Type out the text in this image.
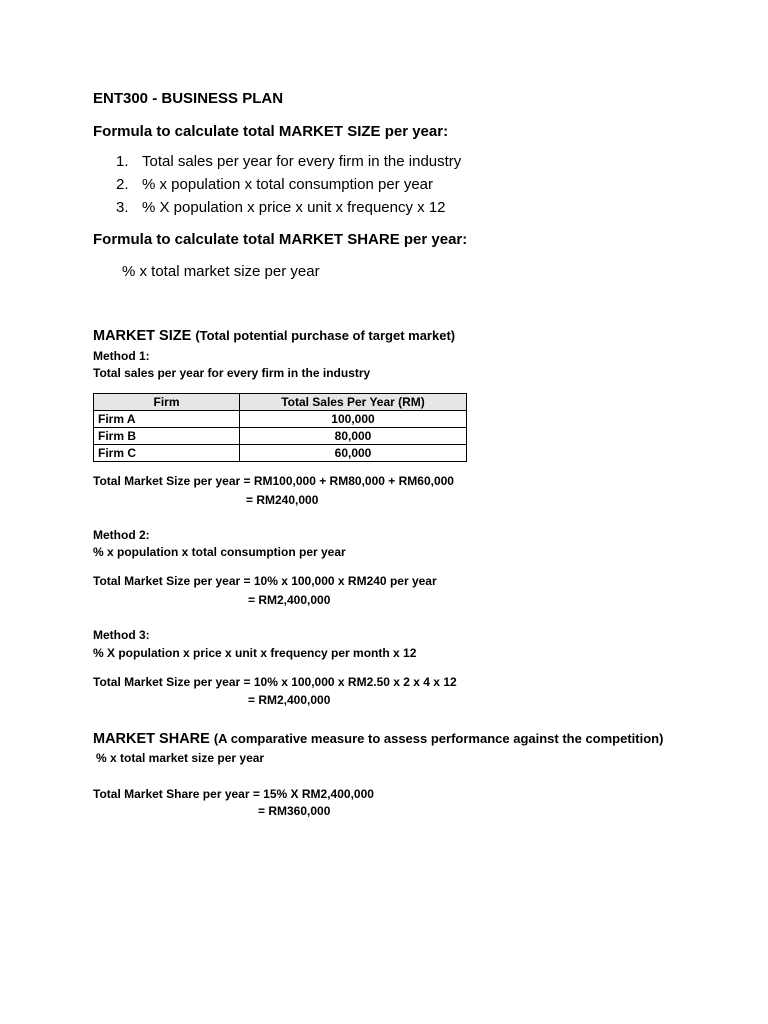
ENT300 - BUSINESS PLAN
Formula to calculate total MARKET SIZE per year:
1. Total sales per year for every firm in the industry
2. % x population x total consumption per year
3. % X population x price x unit x frequency x 12
Formula to calculate total MARKET SHARE per year:
% x total market size per year
MARKET SIZE (Total potential purchase of target market)
Method 1:
Total sales per year for every firm in the industry
Firm	Total Sales Per Year (RM)
Firm A	100,000
Firm B	80,000
Firm C	60,000
Total Market Size per year = RM100,000 + RM80,000 + RM60,000
= RM240,000
Method 2:
% x population x total consumption per year
Total Market Size per year = 10% x 100,000 x RM240 per year
= RM2,400,000
Method 3:
% X population x price x unit x frequency per month x 12
Total Market Size per year = 10% x 100,000 x RM2.50 x 2 x 4 x 12
= RM2,400,000
MARKET SHARE (A comparative measure to assess performance against the competition)
% x total market size per year
Total Market Share per year = 15% X RM2,400,000
= RM360,000
